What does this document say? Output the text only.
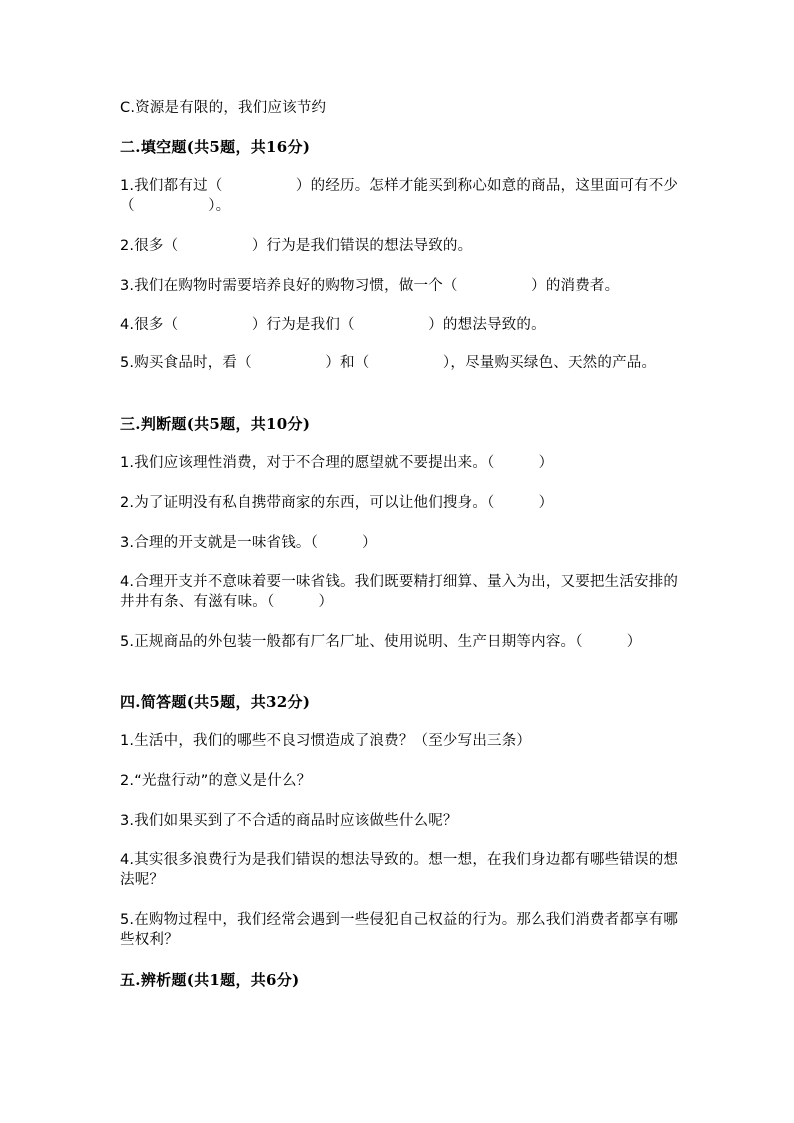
C.资源是有限的，我们应该节约
二.填空题(共5题，共16分)
1.我们都有过（　　　　　）的经历。怎样才能买到称心如意的商品，这里面可有不少（　　　　　）。
2.很多（　　　　　）行为是我们错误的想法导致的。
3.我们在购物时需要培养良好的购物习惯，做一个（　　　　　）的消费者。
4.很多（　　　　　）行为是我们（　　　　　）的想法导致的。
5.购买食品时，看（　　　　　）和（　　　　　），尽量购买绿色、天然的产品。
三.判断题(共5题，共10分)
1.我们应该理性消费，对于不合理的愿望就不要提出来。（　　　）
2.为了证明没有私自携带商家的东西，可以让他们搜身。（　　　）
3.合理的开支就是一味省钱。（　　　）
4.合理开支并不意味着要一味省钱。我们既要精打细算、量入为出，又要把生活安排的井井有条、有滋有味。（　　　）
5.正规商品的外包装一般都有厂名厂址、使用说明、生产日期等内容。（　　　）
四.简答题(共5题，共32分)
1.生活中，我们的哪些不良习惯造成了浪费？（至少写出三条）
2.“光盘行动”的意义是什么？
3.我们如果买到了不合适的商品时应该做些什么呢？
4.其实很多浪费行为是我们错误的想法导致的。想一想，在我们身边都有哪些错误的想法呢？
5.在购物过程中，我们经常会遇到一些侵犯自己权益的行为。那么我们消费者都享有哪些权利？
五.辨析题(共1题，共6分)
